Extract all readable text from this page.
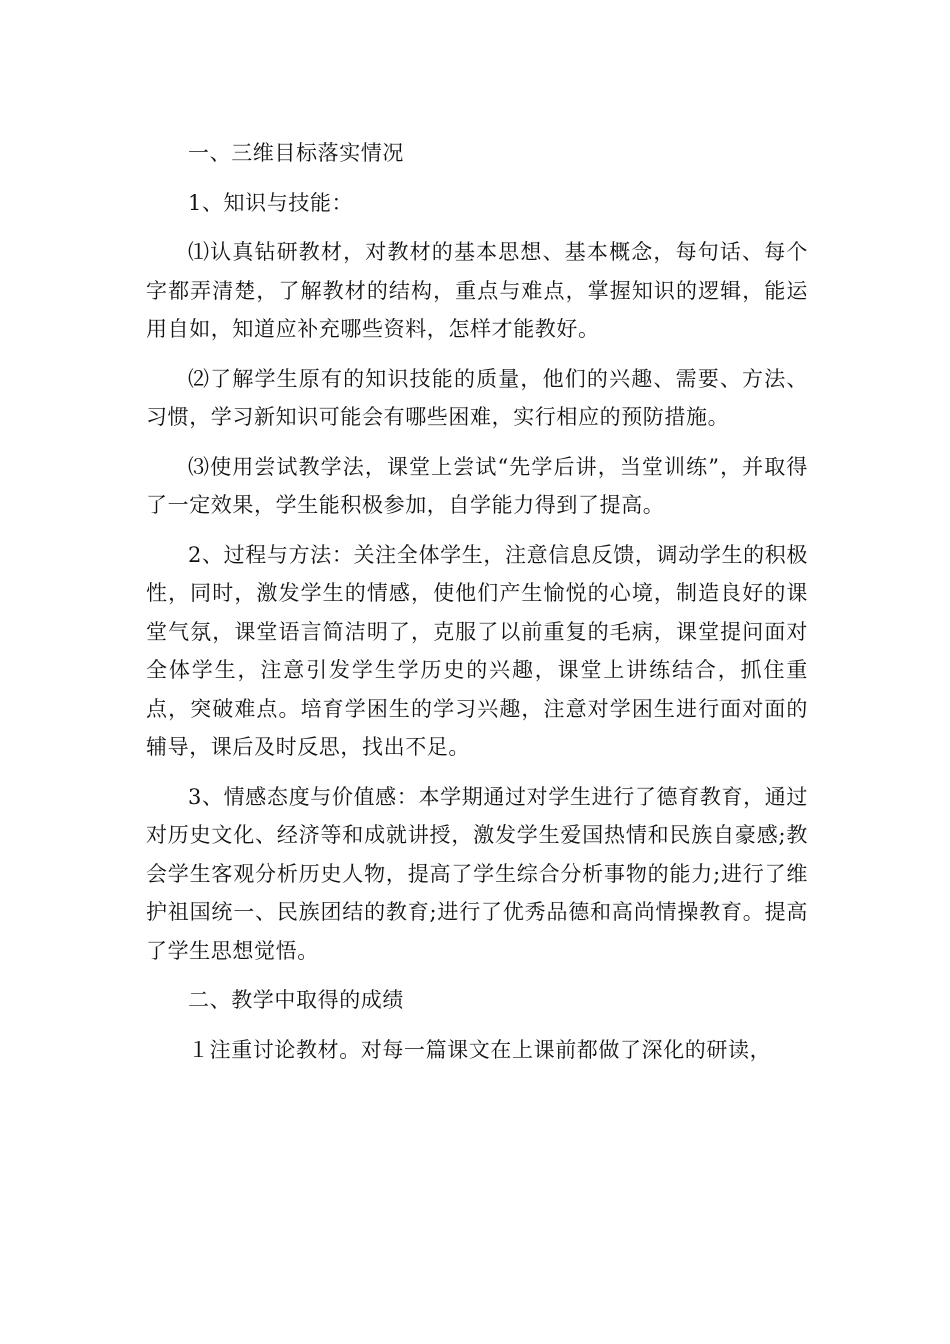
一、三维目标落实情况

1、知识与技能：

⑴认真钻研教材，对教材的基本思想、基本概念，每句话、每个字都弄清楚，了解教材的结构，重点与难点，掌握知识的逻辑，能运用自如，知道应补充哪些资料，怎样才能教好。

⑵了解学生原有的知识技能的质量，他们的兴趣、需要、方法、习惯，学习新知识可能会有哪些困难，实行相应的预防措施。

⑶使用尝试教学法，课堂上尝试“先学后讲，当堂训练”，并取得了一定效果，学生能积极参加，自学能力得到了提高。

2、过程与方法：关注全体学生，注意信息反馈，调动学生的积极性，同时，激发学生的情感，使他们产生愉悦的心境，制造良好的课堂气氛，课堂语言简洁明了，克服了以前重复的毛病，课堂提问面对全体学生，注意引发学生学历史的兴趣，课堂上讲练结合，抓住重点，突破难点。培育学困生的学习兴趣，注意对学困生进行面对面的辅导，课后及时反思，找出不足。

3、情感态度与价值感：本学期通过对学生进行了德育教育，通过对历史文化、经济等和成就讲授，激发学生爱国热情和民族自豪感;教会学生客观分析历史人物，提高了学生综合分析事物的能力;进行了维护祖国统一、民族团结的教育;进行了优秀品德和高尚情操教育。提高了学生思想觉悟。

二、教学中取得的成绩

１注重讨论教材。对每一篇课文在上课前都做了深化的研读，
